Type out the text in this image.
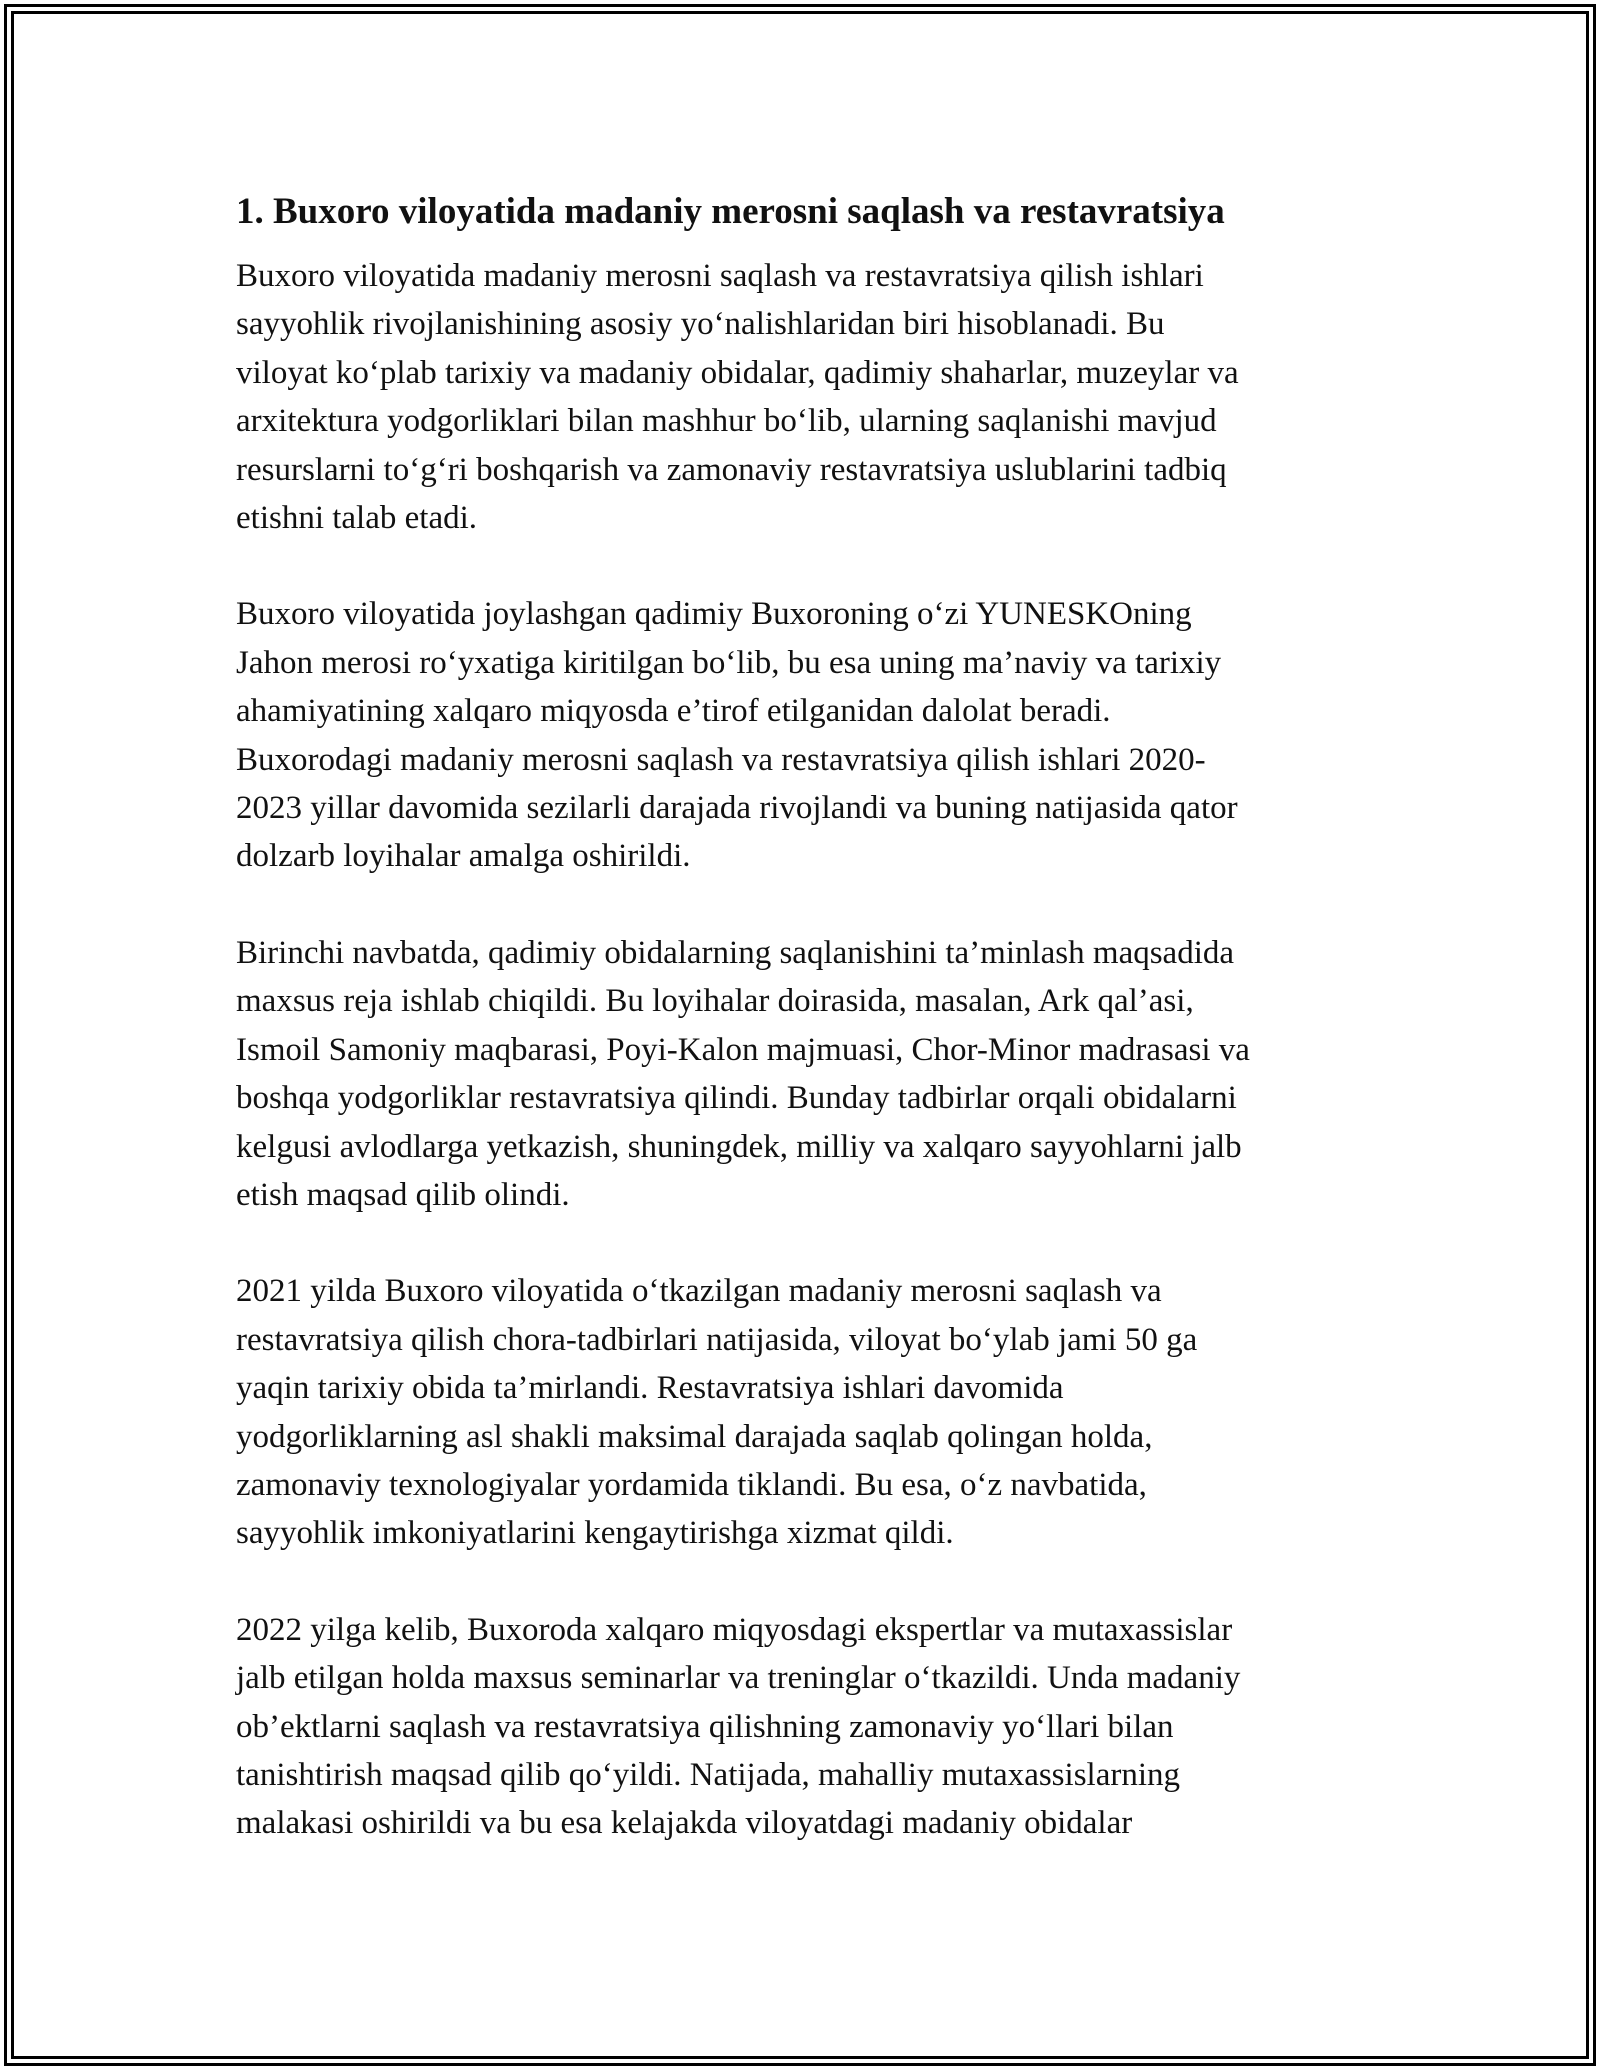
1. Buxoro viloyatida madaniy merosni saqlash va restavratsiya
Buxoro viloyatida madaniy merosni saqlash va restavratsiya qilish ishlari
sayyohlik rivojlanishining asosiy yo‘nalishlaridan biri hisoblanadi. Bu
viloyat ko‘plab tarixiy va madaniy obidalar, qadimiy shaharlar, muzeylar va
arxitektura yodgorliklari bilan mashhur bo‘lib, ularning saqlanishi mavjud
resurslarni to‘g‘ri boshqarish va zamonaviy restavratsiya uslublarini tadbiq
etishni talab etadi.
Buxoro viloyatida joylashgan qadimiy Buxoroning o‘zi YUNESKOning
Jahon merosi ro‘yxatiga kiritilgan bo‘lib, bu esa uning ma’naviy va tarixiy
ahamiyatining xalqaro miqyosda e’tirof etilganidan dalolat beradi.
Buxorodagi madaniy merosni saqlash va restavratsiya qilish ishlari 2020-
2023 yillar davomida sezilarli darajada rivojlandi va buning natijasida qator
dolzarb loyihalar amalga oshirildi.
Birinchi navbatda, qadimiy obidalarning saqlanishini ta’minlash maqsadida
maxsus reja ishlab chiqildi. Bu loyihalar doirasida, masalan, Ark qal’asi,
Ismoil Samoniy maqbarasi, Poyi-Kalon majmuasi, Chor-Minor madrasasi va
boshqa yodgorliklar restavratsiya qilindi. Bunday tadbirlar orqali obidalarni
kelgusi avlodlarga yetkazish, shuningdek, milliy va xalqaro sayyohlarni jalb
etish maqsad qilib olindi.
2021 yilda Buxoro viloyatida o‘tkazilgan madaniy merosni saqlash va
restavratsiya qilish chora-tadbirlari natijasida, viloyat bo‘ylab jami 50 ga
yaqin tarixiy obida ta’mirlandi. Restavratsiya ishlari davomida
yodgorliklarning asl shakli maksimal darajada saqlab qolingan holda,
zamonaviy texnologiyalar yordamida tiklandi. Bu esa, o‘z navbatida,
sayyohlik imkoniyatlarini kengaytirishga xizmat qildi.
2022 yilga kelib, Buxoroda xalqaro miqyosdagi ekspertlar va mutaxassislar
jalb etilgan holda maxsus seminarlar va treninglar o‘tkazildi. Unda madaniy
ob’ektlarni saqlash va restavratsiya qilishning zamonaviy yo‘llari bilan
tanishtirish maqsad qilib qo‘yildi. Natijada, mahalliy mutaxassislarning
malakasi oshirildi va bu esa kelajakda viloyatdagi madaniy obidalar
